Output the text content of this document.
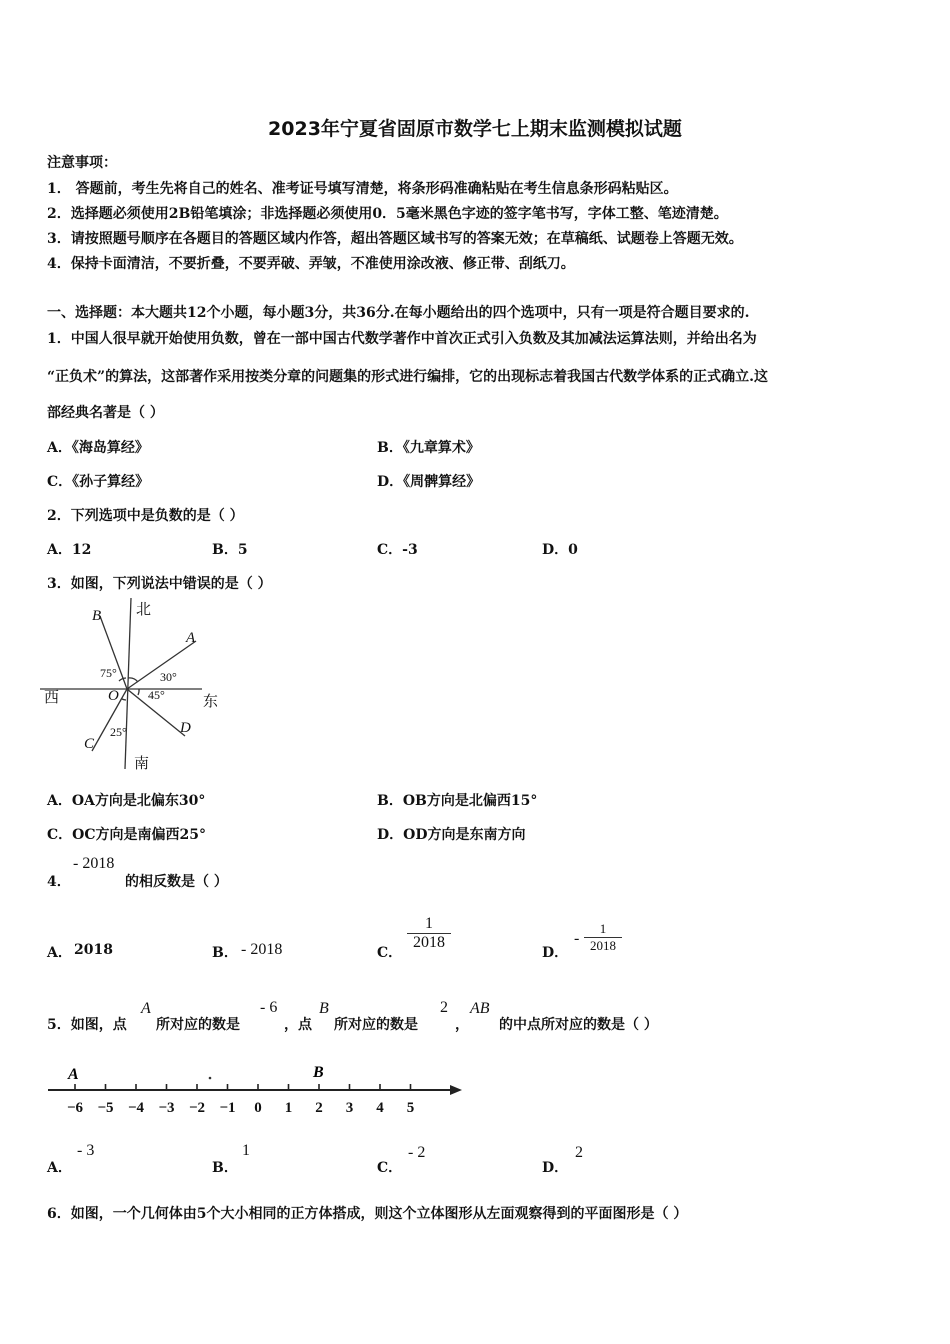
2023年宁夏省固原市数学七上期末监测模拟试题
注意事项：
1． 答题前，考生先将自己的姓名、准考证号填写清楚，将条形码准确粘贴在考生信息条形码粘贴区。
2．选择题必须使用2B铅笔填涂；非选择题必须使用0．5毫米黑色字迹的签字笔书写，字体工整、笔迹清楚。
3．请按照题号顺序在各题目的答题区域内作答，超出答题区域书写的答案无效；在草稿纸、试题卷上答题无效。
4．保持卡面清洁，不要折叠，不要弄破、弄皱，不准使用涂改液、修正带、刮纸刀。
一、选择题：本大题共12个小题，每小题3分，共36分.在每小题给出的四个选项中，只有一项是符合题目要求的.
1．中国人很早就开始使用负数，曾在一部中国古代数学著作中首次正式引入负数及其加减法运算法则，并给出名为
“正负术”的算法，这部著作采用按类分章的问题集的形式进行编排，它的出现标志着我国古代数学体系的正式确立.这
部经典名著是（ ）
A．《海岛算经》	B．《九章算术》
C．《孙子算经》	D．《周髀算经》
2．下列选项中是负数的是（ ）
A．12	B．5	C．-3	D．0
3．如图，下列说法中错误的是（ ）
北
南
西	东
O
A
B
C
D
30°
75°
45°
25°
A．OA方向是北偏东30°	B．OB方向是北偏西15°
C．OC方向是南偏西25°	D．OD方向是东南方向
4．
- 2018
的相反数是（ ）
A． 2018	B． - 2018	C．
$\frac{1}{2018}$
D．
- $\frac{1}{2018}$
5．如图，点
A
所对应的数是
- 6
，点
B
所对应的数是
2
，
AB
的中点所对应的数是（ ）
−6 −5 −4 −3 −2 −1 0 1 2 3 4 5
A	B
A．
- 3
B．
1
C．
- 2
D．
2
6．如图，一个几何体由5个大小相同的正方体搭成，则这个立体图形从左面观察得到的平面图形是（ ）
